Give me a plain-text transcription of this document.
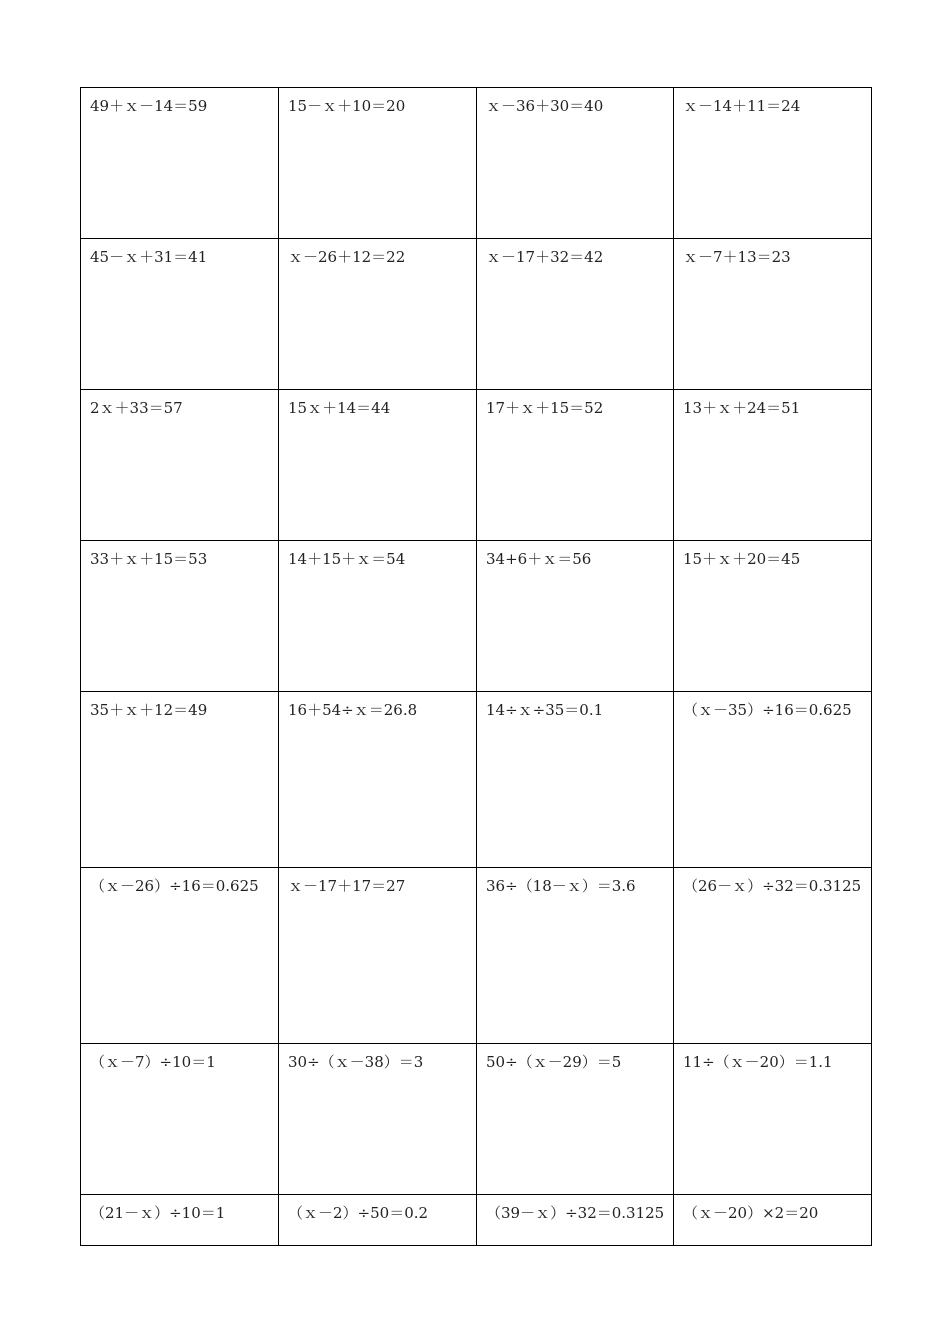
49＋ｘ－14＝59	15－ｘ＋10＝20	ｘ－36＋30＝40	ｘ－14＋11＝24
45－ｘ＋31＝41	ｘ－26＋12＝22	ｘ－17＋32＝42	ｘ－7＋13＝23
2ｘ＋33＝57	15ｘ＋14＝44	17＋ｘ＋15＝52	13＋ｘ＋24＝51
33＋ｘ＋15＝53	14＋15＋ｘ＝54	34+6＋ｘ＝56	15＋ｘ＋20＝45
35＋ｘ＋12＝49	16＋54÷ｘ＝26.8	14÷ｘ÷35＝0.1	（ｘ－35）÷16＝0.625
（ｘ－26）÷16＝0.625	ｘ－17＋17＝27	36÷（18－ｘ）＝3.6	（26－ｘ）÷32＝0.3125
（ｘ－7）÷10＝1	30÷（ｘ－38）＝3	50÷（ｘ－29）＝5	11÷（ｘ－20）＝1.1
（21－ｘ）÷10＝1	（ｘ－2）÷50＝0.2	（39－ｘ）÷32＝0.3125	（ｘ－20）×2＝20
